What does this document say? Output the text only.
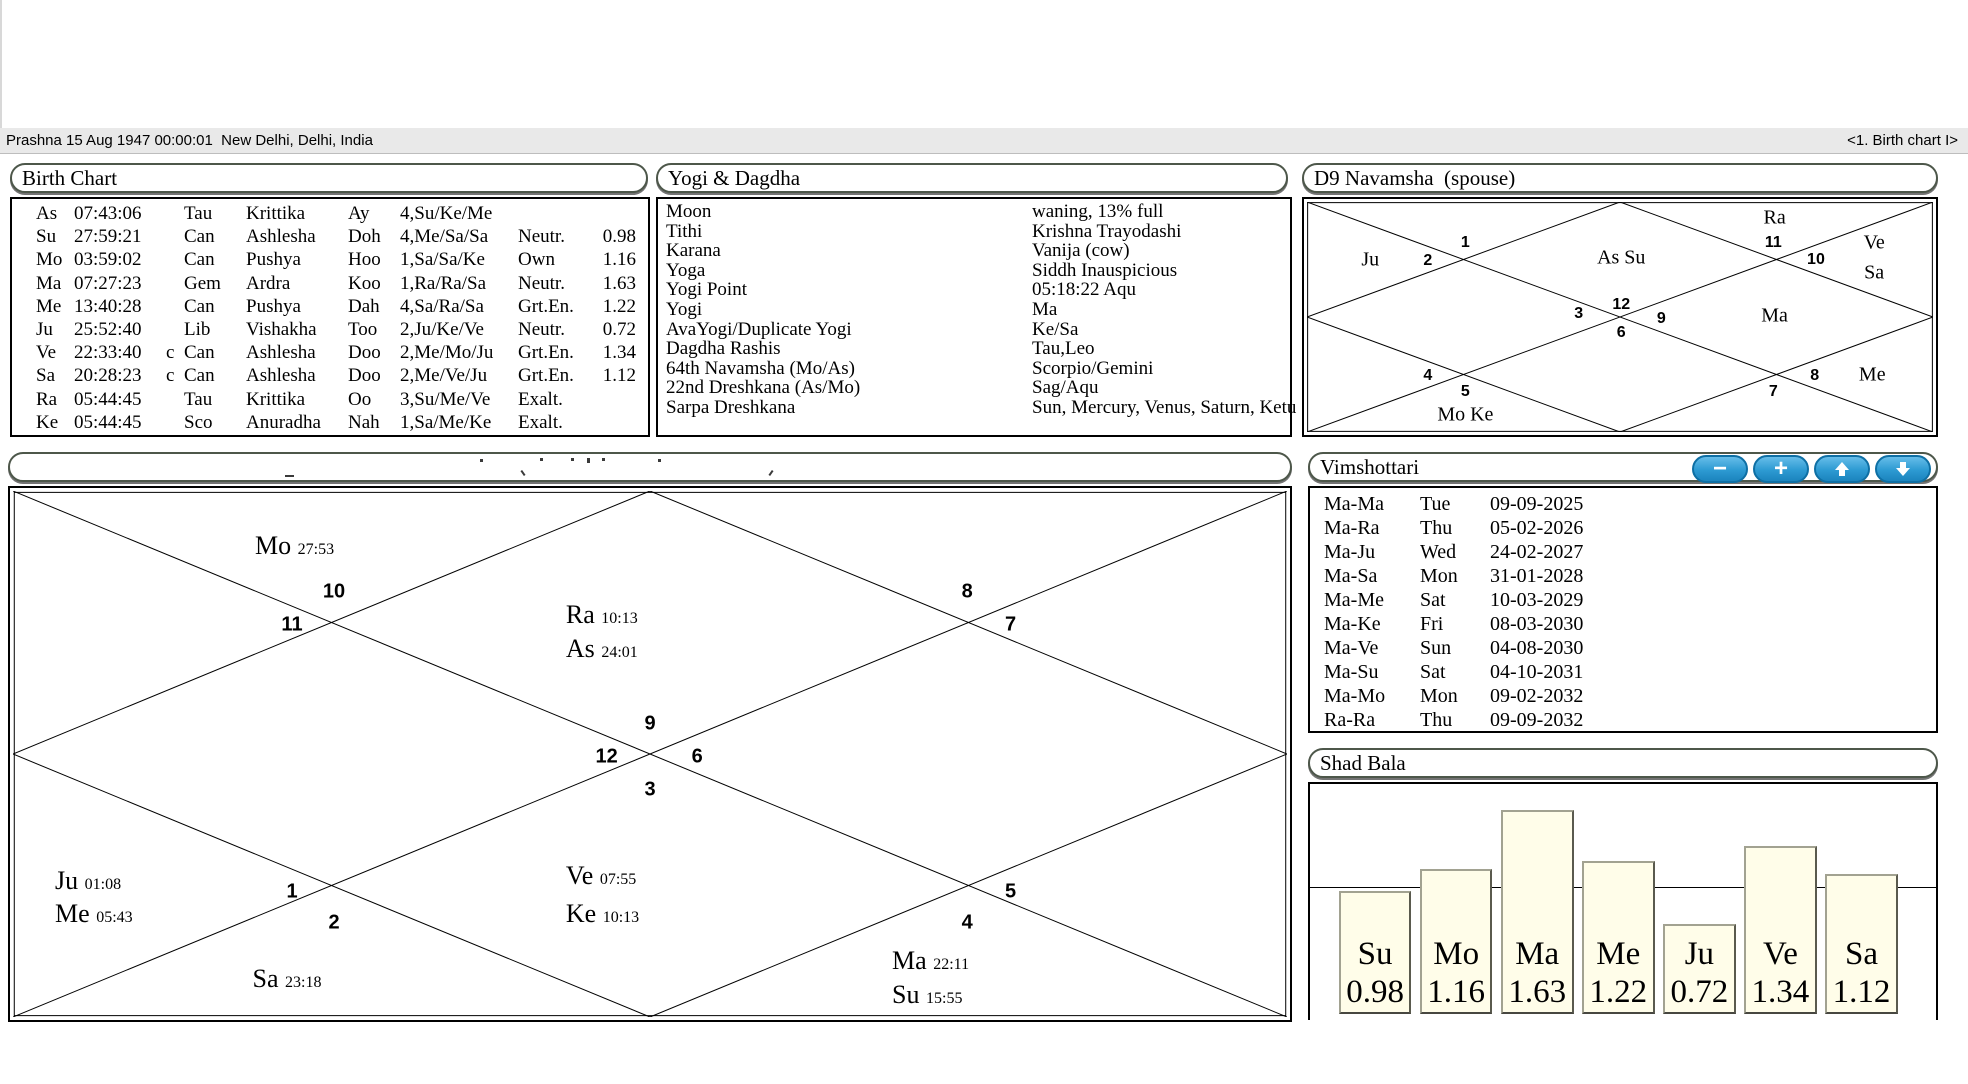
Prashna 15 Aug 1947 00:00:01  New Delhi, Delhi, India	<1. Birth chart I>
Birth Chart
As 07:43:06	Tau	Krittika	Ay	4,Su/Ke/Me
Su 27:59:21	Can	Ashlesha	Doh	4,Me/Sa/Sa	Neutr.	0.98
Mo 03:59:02	Can	Pushya	Hoo	1,Sa/Sa/Ke	Own	1.16
Ma 07:27:23	Gem	Ardra	Koo	1,Ra/Ra/Sa	Neutr.	1.63
Me 13:40:28	Can	Pushya	Dah	4,Sa/Ra/Sa	Grt.En.	1.22
Ju	25:52:40	Lib	Vishakha	Too	2,Ju/Ke/Ve	Neutr.	0.72
Ve 22:33:40	c Can	Ashlesha	Doo	2,Me/Mo/Ju	Grt.En.	1.34
Sa	20:28:23	c Can	Ashlesha	Doo	2,Me/Ve/Ju	Grt.En.	1.12
Ra 05:44:45	Tau	Krittika	Oo	3,Su/Me/Ve	Exalt.
Ke 05:44:45	Sco	Anuradha	Nah	1,Sa/Me/Ke	Exalt.
Yogi & Dagdha
Moon	waning, 13% full
Tithi	Krishna Trayodashi
Karana	Vanija (cow)
Yoga	Siddh Inauspicious
Yogi Point	05:18:22 Aqu
Yogi	Ma
AvaYogi/Duplicate Yogi	Ke/Sa
Dagdha Rashis	Tau,Leo
64th Navamsha (Mo/As)	Scorpio/Gemini
22nd Dreshkana (As/Mo)	Sag/Aqu
Sarpa Dreshkana	Sun, Mercury, Venus, Saturn, Ketu
D9 Navamsha  (spouse)
1
2
11
10
12
3	9
6
4
5	7
8
Ju	As Su
Ra
Ve
Sa
Ma
Me
Mo Ke
10
11
8
7
9
12	6
3
1
2
5
4
Mo 27:53
Ra 10:13
As 24:01
Ju 01:08
Me 05:43
Sa 23:18
Ve 07:55
Ke 10:13
Ma 22:11
Su 15:55
Vimshottari	− +
Ma-Ma	Tue	09-09-2025
Ma-Ra	Thu	05-02-2026
Ma-Ju	Wed	24-02-2027
Ma-Sa	Mon	31-01-2028
Ma-Me	Sat	10-03-2029
Ma-Ke	Fri	08-03-2030
Ma-Ve	Sun	04-08-2030
Ma-Su	Sat	04-10-2031
Ma-Mo	Mon	09-02-2032
Ra-Ra	Thu	09-09-2032
Shad Bala
Su
0.98
Mo
1.16
Ma
1.63
Me
1.22
Ju
0.72
Ve
1.34
Sa
1.12
